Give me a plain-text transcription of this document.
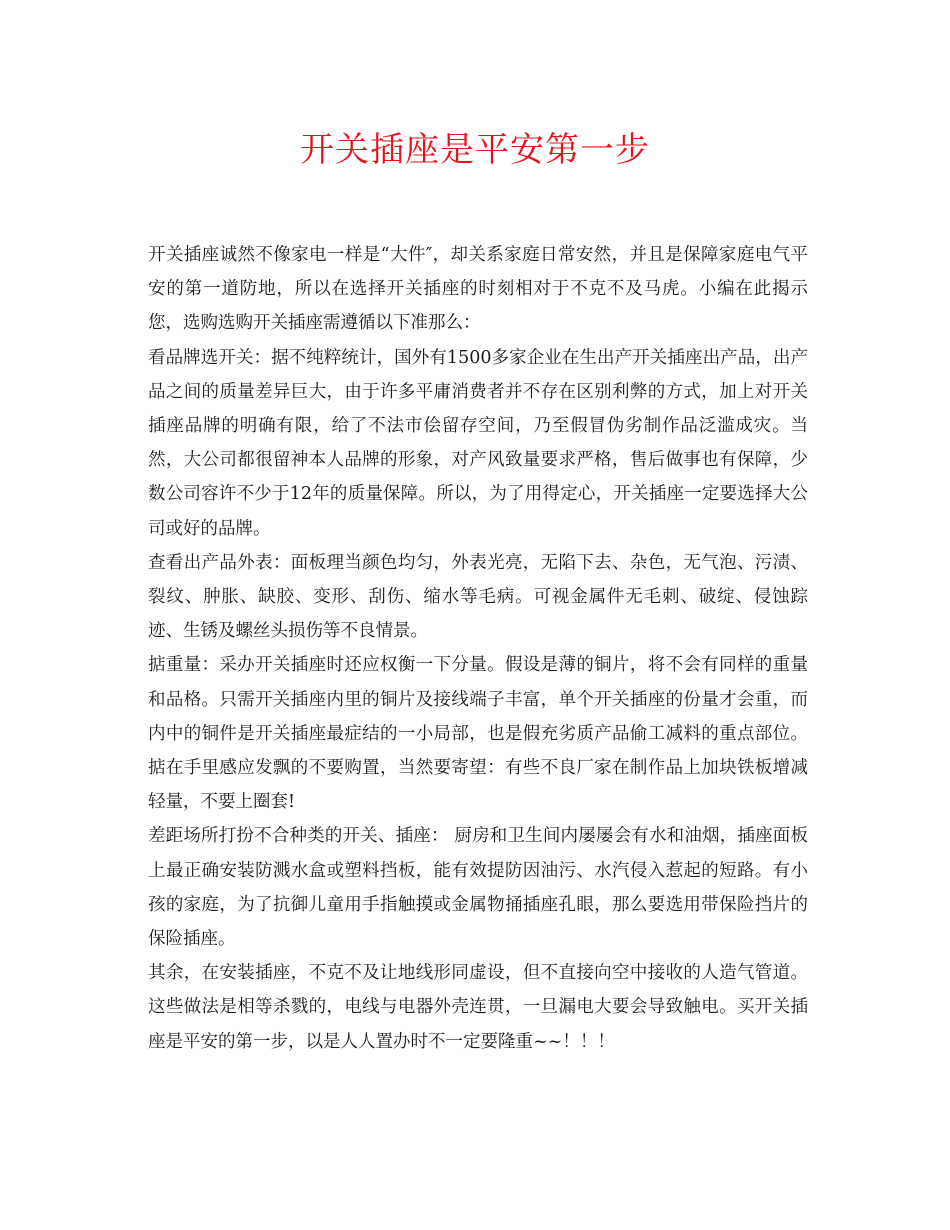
开关插座是平安第一步

开关插座诚然不像家电一样是“大件″，却关系家庭日常安然，并且是保障家庭电气平安的第一道防地，所以在选择开关插座的时刻相对于不克不及马虎。小编在此揭示您，选购选购开关插座需遵循以下准那么：

看品牌选开关：据不纯粹统计，国外有1500多家企业在生出产开关插座出产品，出产品之间的质量差异巨大，由于许多平庸消费者并不存在区别利弊的方式，加上对开关插座品牌的明确有限，给了不法市侩留存空间，乃至假冒伪劣制作品泛滥成灾。当然，大公司都很留神本人品牌的形象，对产风致量要求严格，售后做事也有保障，少数公司容许不少于12年的质量保障。所以，为了用得定心，开关插座一定要选择大公司或好的品牌。

查看出产品外表：面板理当颜色均匀，外表光亮，无陷下去、杂色，无气泡、污渍、裂纹、肿胀、缺胶、变形、刮伤、缩水等毛病。可视金属件无毛刺、破绽、侵蚀踪迹、生锈及螺丝头损伤等不良情景。

掂重量：采办开关插座时还应权衡一下分量。假设是薄的铜片，将不会有同样的重量和品格。只需开关插座内里的铜片及接线端子丰富，单个开关插座的份量才会重，而内中的铜件是开关插座最症结的一小局部，也是假充劣质产品偷工减料的重点部位。掂在手里感应发飘的不要购置，当然要寄望：有些不良厂家在制作品上加块铁板增减轻量，不要上圈套!

差距场所打扮不合种类的开关、插座： 厨房和卫生间内屡屡会有水和油烟，插座面板上最正确安装防溅水盒或塑料挡板，能有效提防因油污、水汽侵入惹起的短路。有小孩的家庭，为了抗御儿童用手指触摸或金属物捅插座孔眼，那么要选用带保险挡片的保险插座。

其余，在安装插座，不克不及让地线形同虚设，但不直接向空中接收的人造气管道。这些做法是相等杀戮的，电线与电器外壳连贯，一旦漏电大要会导致触电。买开关插座是平安的第一步，以是人人置办时不一定要隆重~~！！！
